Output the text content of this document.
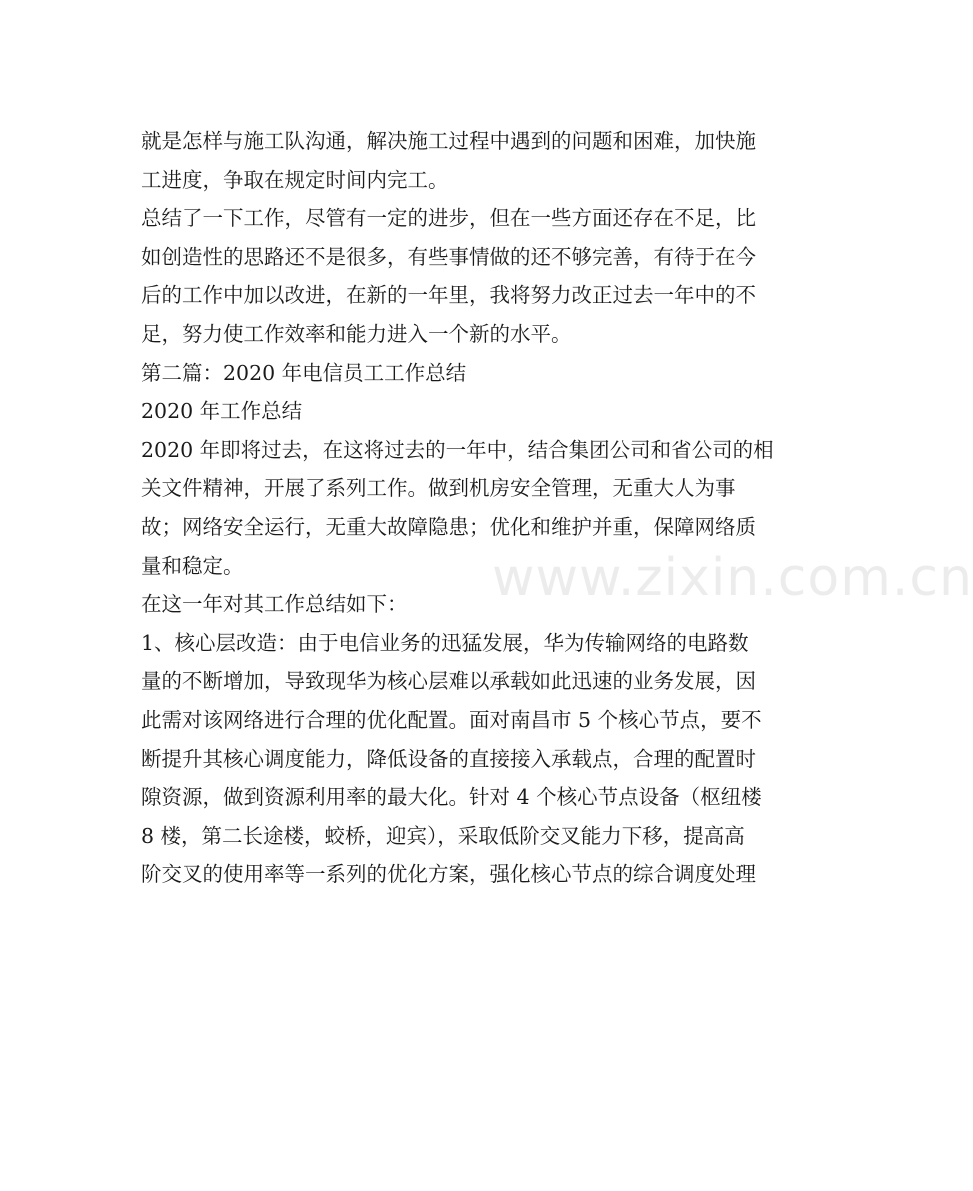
就是怎样与施工队沟通，解决施工过程中遇到的问题和困难，加快施
工进度，争取在规定时间内完工。
总结了一下工作，尽管有一定的进步，但在一些方面还存在不足，比
如创造性的思路还不是很多，有些事情做的还不够完善，有待于在今
后的工作中加以改进，在新的一年里，我将努力改正过去一年中的不
足，努力使工作效率和能力进入一个新的水平。
第二篇：2020 年电信员工工作总结
2020 年工作总结
2020 年即将过去，在这将过去的一年中，结合集团公司和省公司的相
关文件精神，开展了系列工作。做到机房安全管理，无重大人为事
故；网络安全运行，无重大故障隐患；优化和维护并重，保障网络质
量和稳定。
在这一年对其工作总结如下：
1、核心层改造：由于电信业务的迅猛发展，华为传输网络的电路数
量的不断增加，导致现华为核心层难以承载如此迅速的业务发展，因
此需对该网络进行合理的优化配置。面对南昌市 5 个核心节点，要不
断提升其核心调度能力，降低设备的直接接入承载点，合理的配置时
隙资源，做到资源利用率的最大化。针对 4 个核心节点设备（枢纽楼
8 楼，第二长途楼，蛟桥，迎宾），采取低阶交叉能力下移，提高高
阶交叉的使用率等一系列的优化方案，强化核心节点的综合调度处理
www.zixin.com.cn
